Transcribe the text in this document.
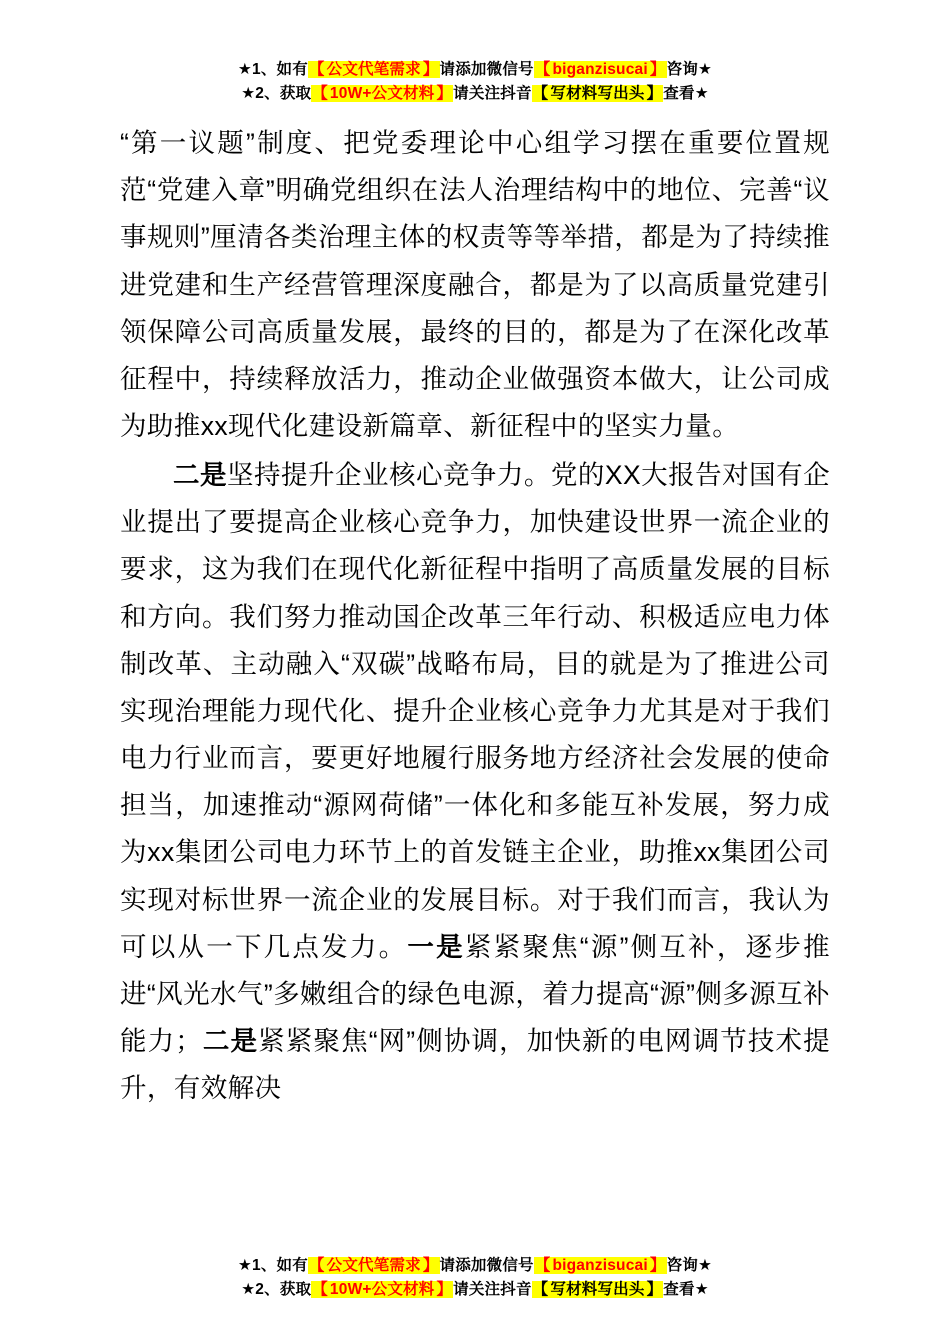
★1、如有【 公文代笔需求 】请添加微信号【 biganzisucai 】咨询★
★2、获取【 10W+公文材料 】请关注抖音【 写材料写出头 】查看★

“第一议题”制度、把党委理论中心组学习摆在重要位置规范“党建入章”明确党组织在法人治理结构中的地位、完善“议事规则”厘清各类治理主体的权责等等举措，都是为了持续推进党建和生产经营管理深度融合，都是为了以高质量党建引领保障公司高质量发展，最终的目的，都是为了在深化改革征程中，持续释放活力，推动企业做强资本做大，让公司成为助推xx现代化建设新篇章、新征程中的坚实力量。

二是坚持提升企业核心竞争力。党的XX大报告对国有企业提出了要提高企业核心竞争力，加快建设世界一流企业的要求，这为我们在现代化新征程中指明了高质量发展的目标和方向。我们努力推动国企改革三年行动、积极适应电力体制改革、主动融入“双碳”战略布局，目的就是为了推进公司实现治理能力现代化、提升企业核心竞争力尤其是对于我们电力行业而言，要更好地履行服务地方经济社会发展的使命担当，加速推动“源网荷储”一体化和多能互补发展，努力成为xx集团公司电力环节上的首发链主企业，助推xx集团公司实现对标世界一流企业的发展目标。对于我们而言，我认为可以从一下几点发力。一是紧紧聚焦“源”侧互补，逐步推进“风光水气”多嫩组合的绿色电源，着力提高“源”侧多源互补能力；二是紧紧聚焦“网”侧协调，加快新的电网调节技术提升，有效解决

★1、如有【 公文代笔需求 】请添加微信号【 biganzisucai 】咨询★
★2、获取【 10W+公文材料 】请关注抖音【 写材料写出头 】查看★
